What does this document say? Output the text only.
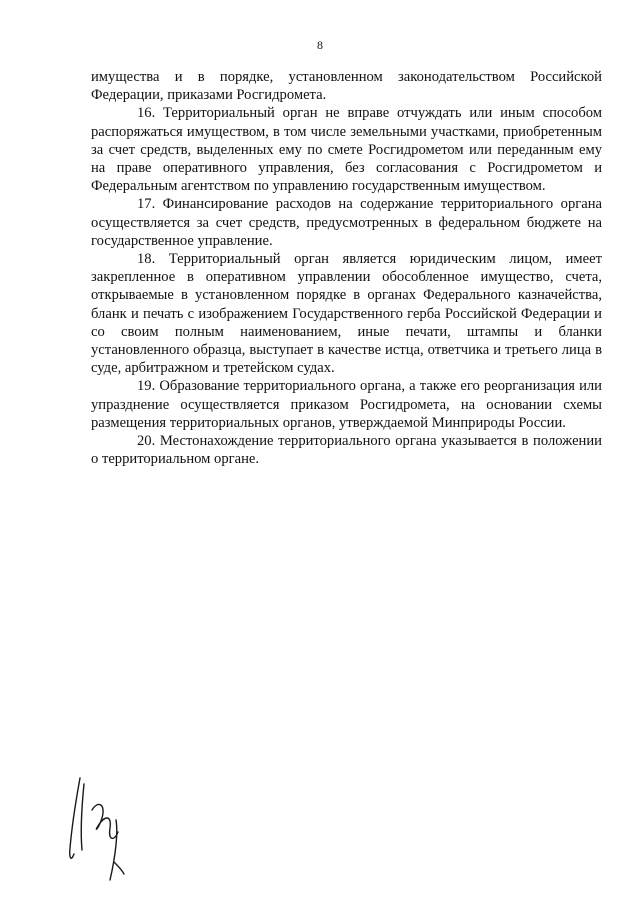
8

имущества и в порядке, установленном законодательством Российской Федерации, приказами Росгидромета.

16. Территориальный орган не вправе отчуждать или иным способом распоряжаться имуществом, в том числе земельными участками, приобретенным за счет средств, выделенных ему по смете Росгидрометом или переданным ему на праве оперативного управления, без согласования с Росгидрометом и Федеральным агентством по управлению государственным имуществом.

17. Финансирование расходов на содержание территориального органа осуществляется за счет средств, предусмотренных в федеральном бюджете на государственное управление.

18. Территориальный орган является юридическим лицом, имеет закрепленное в оперативном управлении обособленное имущество, счета, открываемые в установленном порядке в органах Федерального казначейства, бланк и печать с изображением Государственного герба Российской Федерации и со своим полным наименованием, иные печати, штампы и бланки установленного образца, выступает в качестве истца, ответчика и третьего лица в суде, арбитражном и третейском судах.

19. Образование территориального органа, а также его реорганизация или упразднение осуществляется приказом Росгидромета, на основании схемы размещения территориальных органов, утверждаемой Минприроды России.

20. Местонахождение территориального органа указывается в положении о территориальном органе.
